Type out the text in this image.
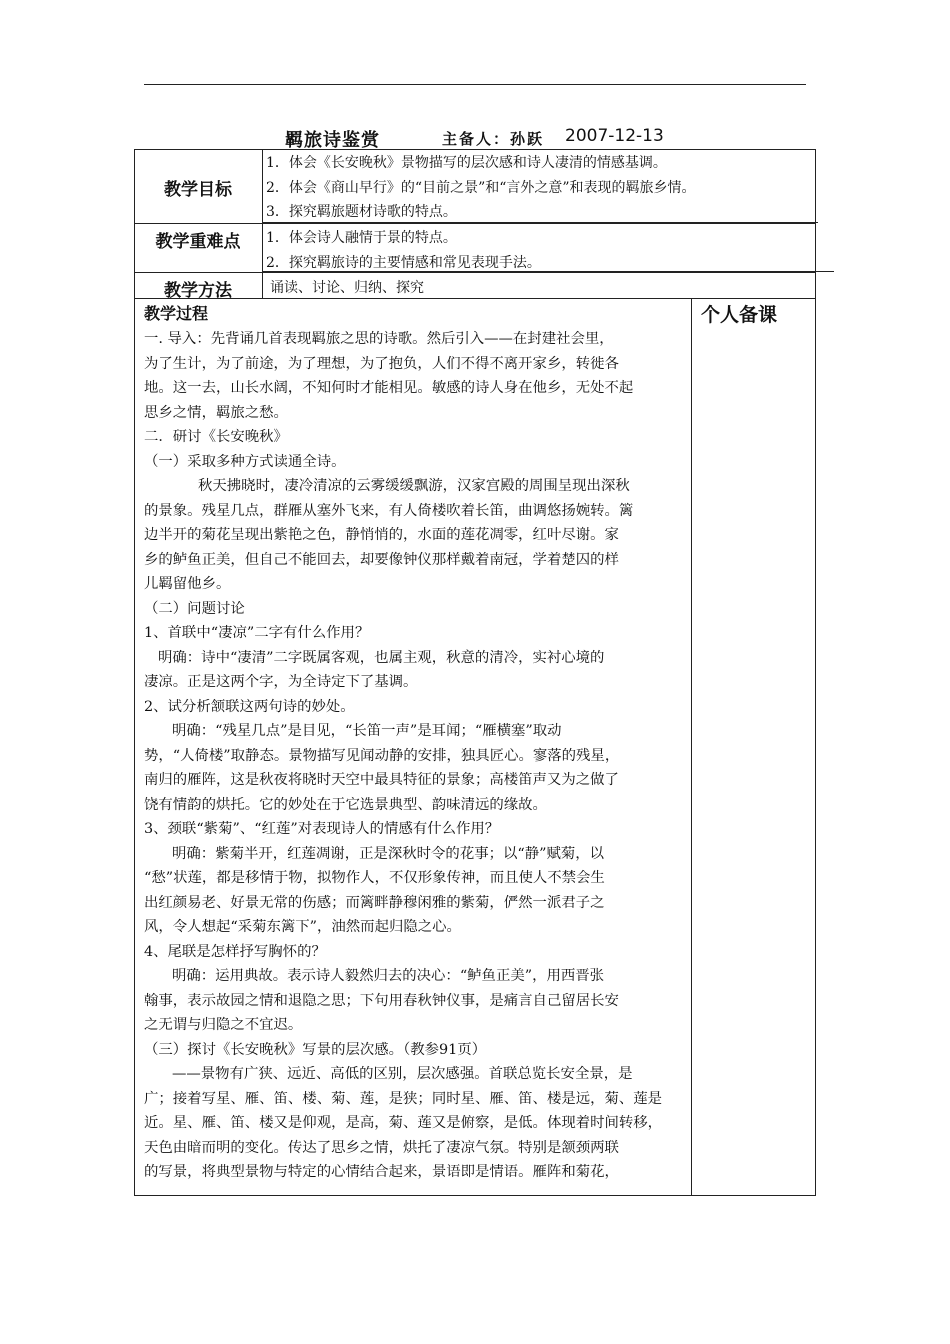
羁旅诗鉴赏	主备人：孙跃 2007-12-13
教学目标
教学重难点
教学方法
1．体会《长安晚秋》景物描写的层次感和诗人凄清的情感基调。
2．体会《商山早行》的“目前之景”和“言外之意”和表现的羁旅乡情。
3．探究羁旅题材诗歌的特点。
1．体会诗人融情于景的特点。
2．探究羁旅诗的主要情感和常见表现手法。
诵读、讨论、归纳、探究
教学过程	个人备课

一. 导入：先背诵几首表现羁旅之思的诗歌。然后引入——在封建社会里，

为了生计，为了前途，为了理想，为了抱负，人们不得不离开家乡，转徙各

地。这一去，山长水阔，不知何时才能相见。敏感的诗人身在他乡，无处不起

思乡之情，羁旅之愁。

二．研讨《长安晚秋》

（一）采取多种方式读通全诗。

秋天拂晓时，凄冷清凉的云雾缓缓飘游，汉家宫殿的周围呈现出深秋

的景象。残星几点，群雁从塞外飞来，有人倚楼吹着长笛，曲调悠扬婉转。篱

边半开的菊花呈现出紫艳之色，静悄悄的，水面的莲花凋零，红叶尽谢。家

乡的鲈鱼正美，但自己不能回去，却要像钟仪那样戴着南冠，学着楚囚的样

儿羁留他乡。

（二）问题讨论

1、首联中“凄凉”二字有什么作用？

明确：诗中“凄清”二字既属客观，也属主观，秋意的清冷，实衬心境的

凄凉。正是这两个字，为全诗定下了基调。

2、试分析颔联这两句诗的妙处。

明确：“残星几点”是目见，“长笛一声”是耳闻；“雁横塞”取动

势，“人倚楼”取静态。景物描写见闻动静的安排，独具匠心。寥落的残星，

南归的雁阵，这是秋夜将晓时天空中最具特征的景象；高楼笛声又为之做了

饶有情韵的烘托。它的妙处在于它选景典型、韵味清远的缘故。

3、颈联“紫菊”、“红莲”对表现诗人的情感有什么作用？

明确：紫菊半开，红莲凋谢，正是深秋时令的花事；以“静”赋菊，以

“愁”状莲，都是移情于物，拟物作人，不仅形象传神，而且使人不禁会生

出红颜易老、好景无常的伤感；而篱畔静穆闲雅的紫菊，俨然一派君子之

风，令人想起“采菊东篱下”，油然而起归隐之心。

4、尾联是怎样抒写胸怀的？

明确：运用典故。表示诗人毅然归去的决心：“鲈鱼正美”，用西晋张

翰事，表示故园之情和退隐之思；下句用春秋钟仪事，是痛言自己留居长安

之无谓与归隐之不宜迟。

（三）探讨《长安晚秋》写景的层次感。（教参91页）

——景物有广狭、远近、高低的区别，层次感强。首联总览长安全景，是

广；接着写星、雁、笛、楼、菊、莲，是狭；同时星、雁、笛、楼是远，菊、莲是

近。星、雁、笛、楼又是仰观，是高，菊、莲又是俯察，是低。体现着时间转移，

天色由暗而明的变化。传达了思乡之情，烘托了凄凉气氛。特别是颔颈两联

的写景，将典型景物与特定的心情结合起来，景语即是情语。雁阵和菊花，
